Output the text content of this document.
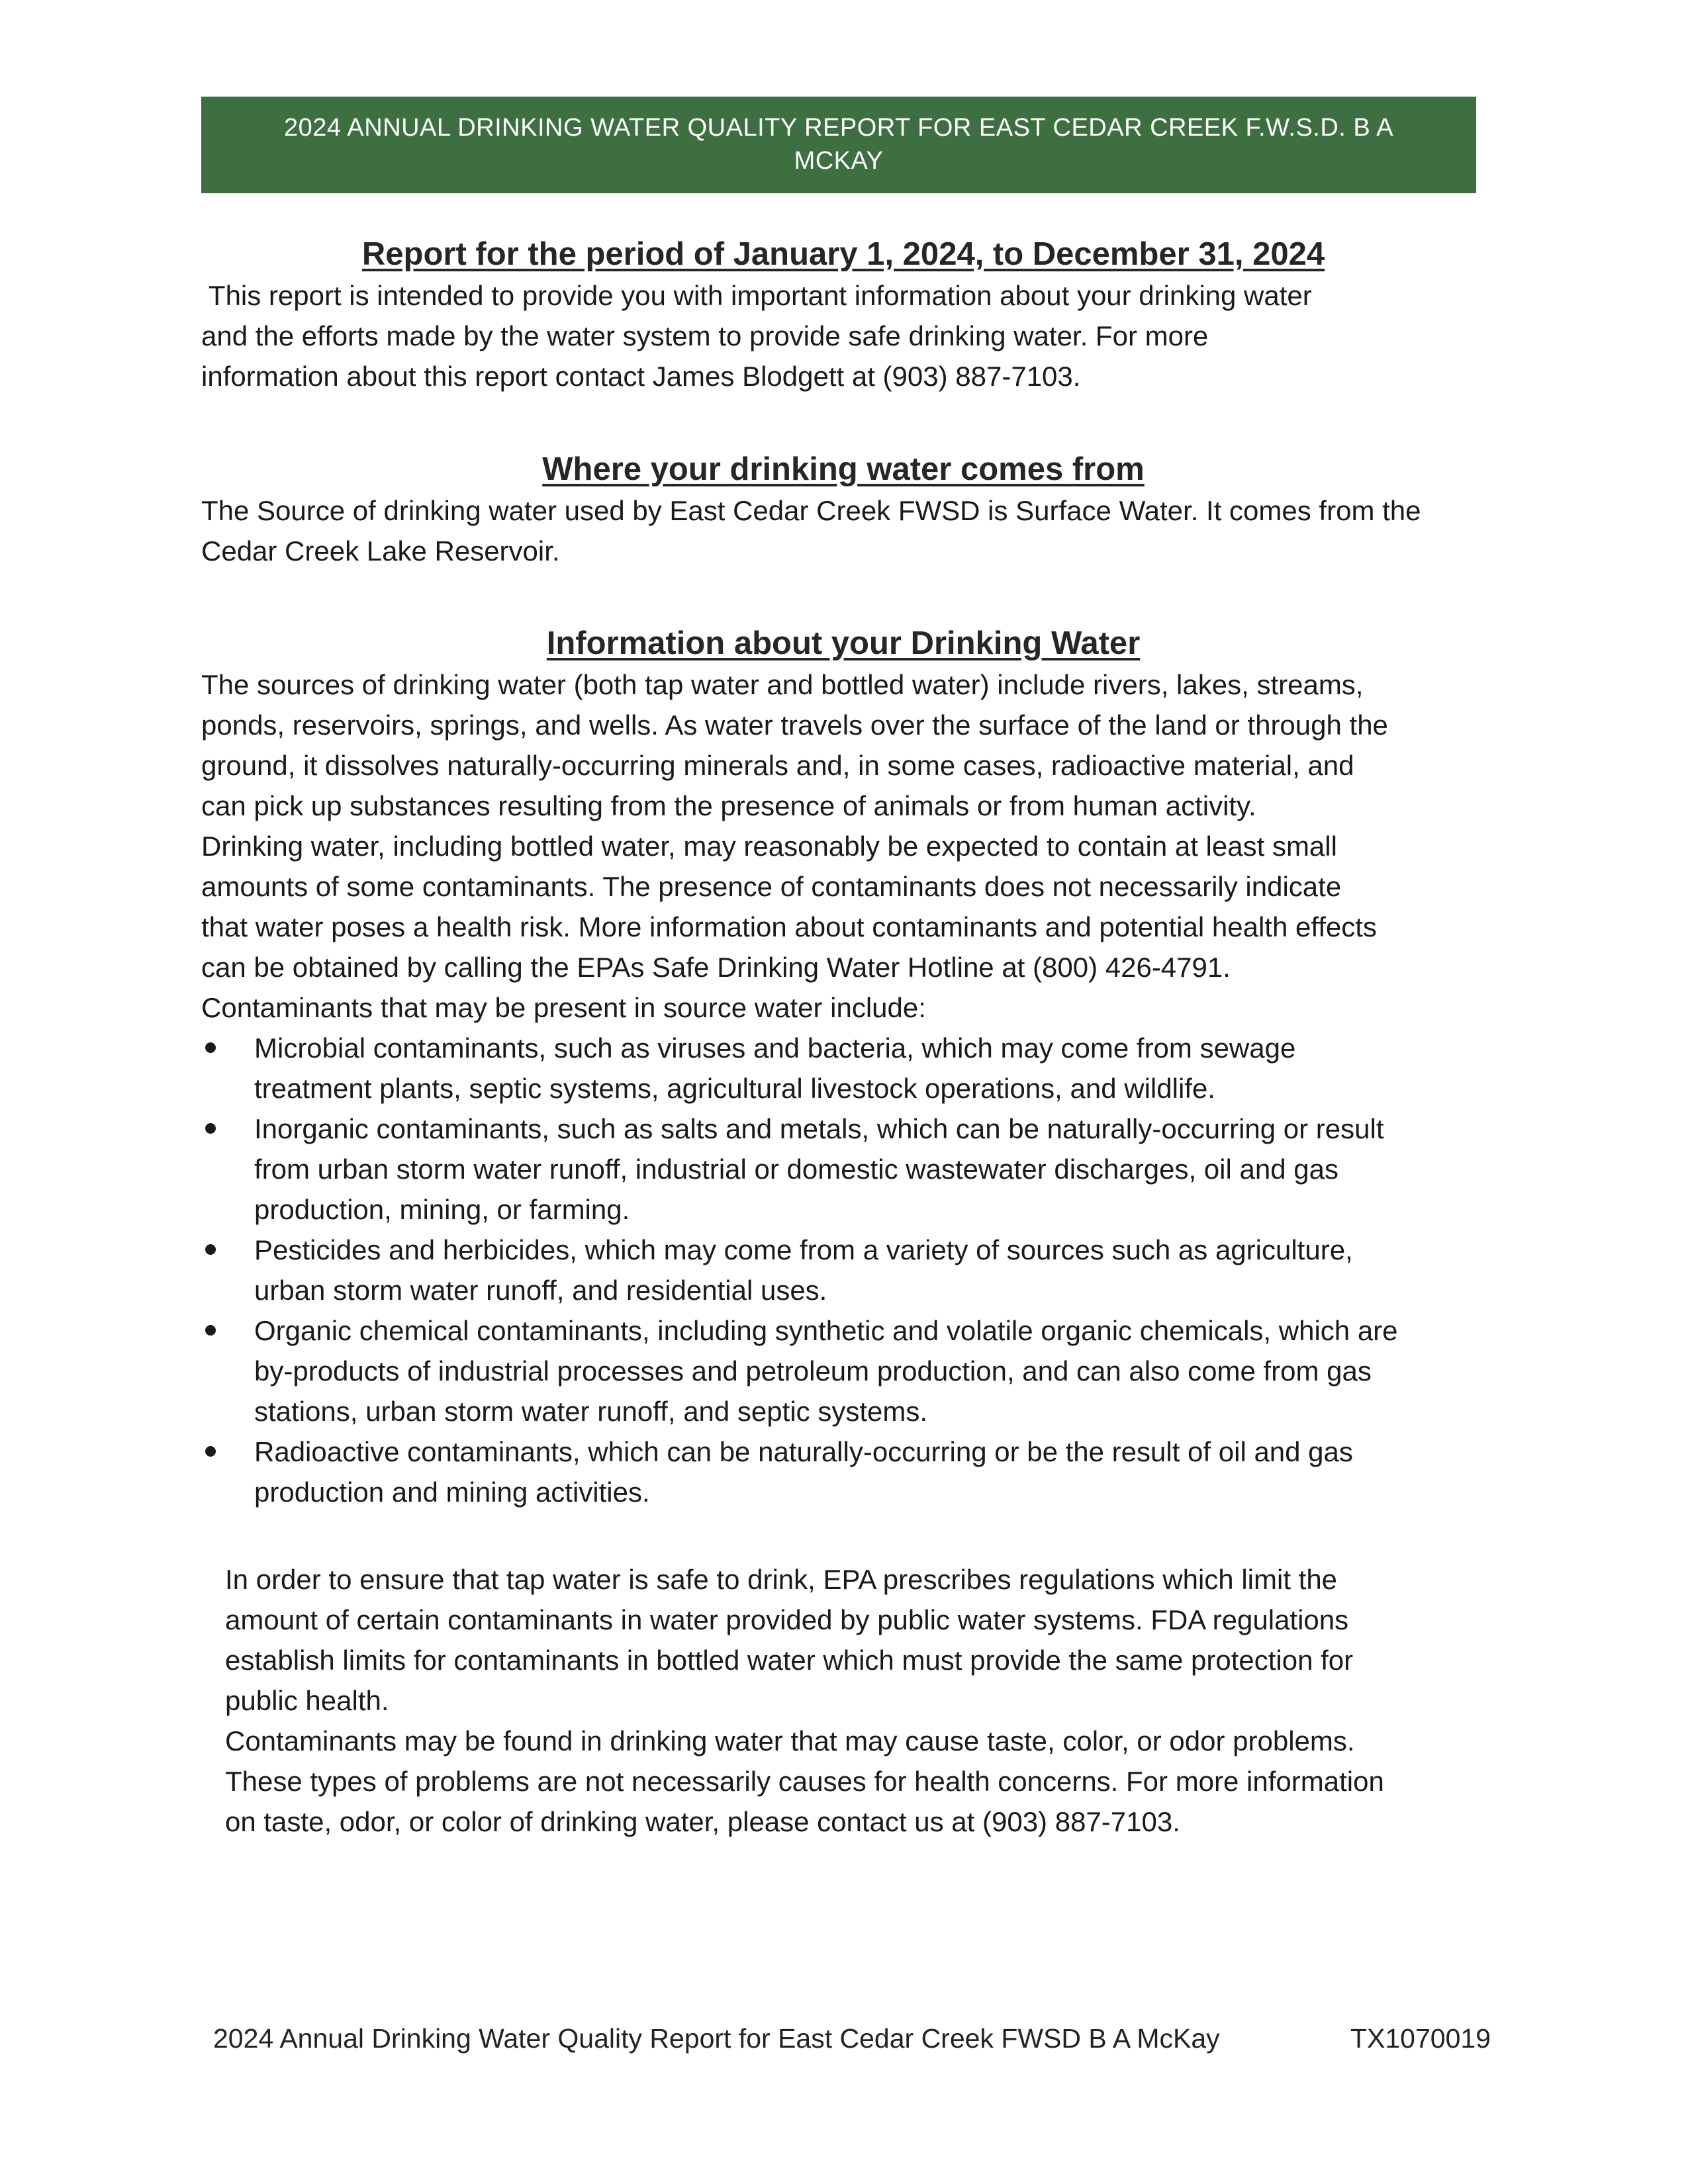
2024 ANNUAL DRINKING WATER QUALITY REPORT FOR EAST CEDAR CREEK F.W.S.D. B A
MCKAY
Report for the period of January 1, 2024, to December 31, 2024

This report is intended to provide you with important information about your drinking water
and the efforts made by the water system to provide safe drinking water. For more
information about this report contact James Blodgett at (903) 887-7103.

Where your drinking water comes from

The Source of drinking water used by East Cedar Creek FWSD is Surface Water. It comes from the
Cedar Creek Lake Reservoir.

Information about your Drinking Water

The sources of drinking water (both tap water and bottled water) include rivers, lakes, streams,
ponds, reservoirs, springs, and wells. As water travels over the surface of the land or through the
ground, it dissolves naturally-occurring minerals and, in some cases, radioactive material, and
can pick up substances resulting from the presence of animals or from human activity.
Drinking water, including bottled water, may reasonably be expected to contain at least small
amounts of some contaminants. The presence of contaminants does not necessarily indicate
that water poses a health risk. More information about contaminants and potential health effects
can be obtained by calling the EPAs Safe Drinking Water Hotline at (800) 426-4791.
Contaminants that may be present in source water include:

Microbial contaminants, such as viruses and bacteria, which may come from sewage
treatment plants, septic systems, agricultural livestock operations, and wildlife.
Inorganic contaminants, such as salts and metals, which can be naturally-occurring or result
from urban storm water runoff, industrial or domestic wastewater discharges, oil and gas
production, mining, or farming.
Pesticides and herbicides, which may come from a variety of sources such as agriculture,
urban storm water runoff, and residential uses.
Organic chemical contaminants, including synthetic and volatile organic chemicals, which are
by-products of industrial processes and petroleum production, and can also come from gas
stations, urban storm water runoff, and septic systems.
Radioactive contaminants, which can be naturally-occurring or be the result of oil and gas
production and mining activities.

In order to ensure that tap water is safe to drink, EPA prescribes regulations which limit the
amount of certain contaminants in water provided by public water systems. FDA regulations
establish limits for contaminants in bottled water which must provide the same protection for
public health.
Contaminants may be found in drinking water that may cause taste, color, or odor problems.
These types of problems are not necessarily causes for health concerns. For more information
on taste, odor, or color of drinking water, please contact us at (903) 887-7103.

2024 Annual Drinking Water Quality Report for East Cedar Creek FWSD B A McKay	TX1070019
